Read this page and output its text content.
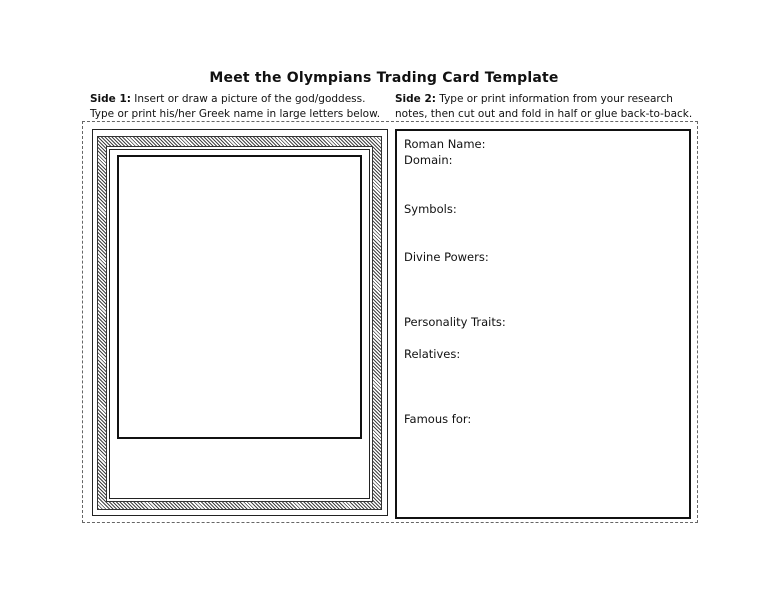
Meet the Olympians Trading Card Template
Side 1: Insert or draw a picture of the god/goddess.
Type or print his/her Greek name in large letters below.
Side 2: Type or print information from your research
notes, then cut out and fold in half or glue back-to-back.
Roman Name:
Domain:
Symbols:
Divine Powers:
Personality Traits:
Relatives:
Famous for:
